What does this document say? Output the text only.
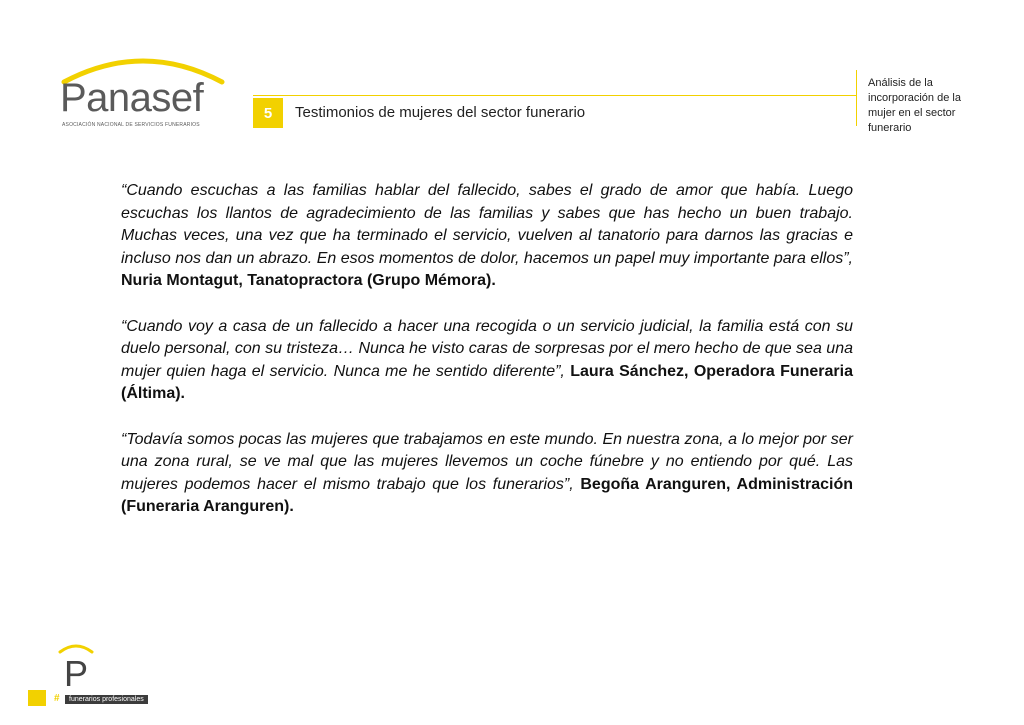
Panasef
ASOCIACIÓN NACIONAL DE SERVICIOS FUNERARIOS
5	Testimonios de mujeres del sector funerario
Análisis de la incorporación de la mujer en el sector funerario

“Cuando escuchas a las familias hablar del fallecido, sabes el grado de amor que había. Luego escuchas los llantos de agradecimiento de las familias y sabes que has hecho un buen trabajo. Muchas veces, una vez que ha terminado el servicio, vuelven al tanatorio para darnos las gracias e incluso nos dan un abrazo. En esos momentos de dolor, hacemos un papel muy importante para ellos”, Nuria Montagut, Tanatopractora (Grupo Mémora).

“Cuando voy a casa de un fallecido a hacer una recogida o un servicio judicial, la familia está con su duelo personal, con su tristeza… Nunca he visto caras de sorpresas por el mero hecho de que sea una mujer quien haga el servicio. Nunca me he sentido diferente”, Laura Sánchez, Operadora Funeraria (Áltima).

“Todavía somos pocas las mujeres que trabajamos en este mundo. En nuestra zona, a lo mejor por ser una zona rural, se ve mal que las mujeres llevemos un coche fúnebre y no entiendo por qué. Las mujeres podemos hacer el mismo trabajo que los funerarios”, Begoña Aranguren, Administración (Funeraria Aranguren).

P
#	funerarios profesionales
